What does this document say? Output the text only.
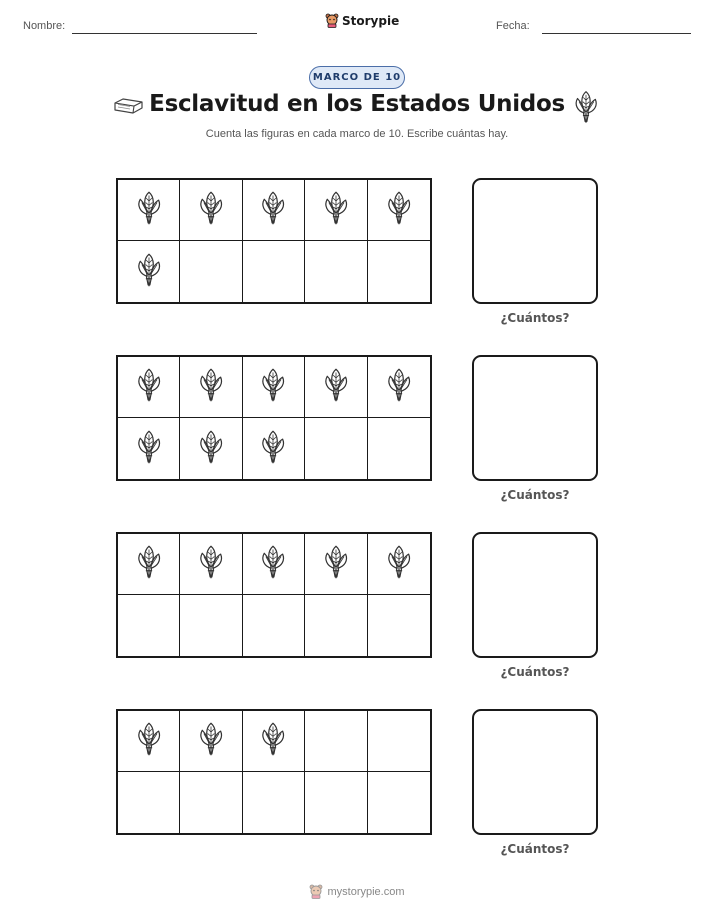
Nombre:	Storypie	Fecha:
MARCO DE 10
Esclavitud en los Estados Unidos
Cuenta las figuras en cada marco de 10. Escribe cuántas hay.
¿Cuántos?
¿Cuántos?
¿Cuántos?
¿Cuántos?
mystorypie.com
